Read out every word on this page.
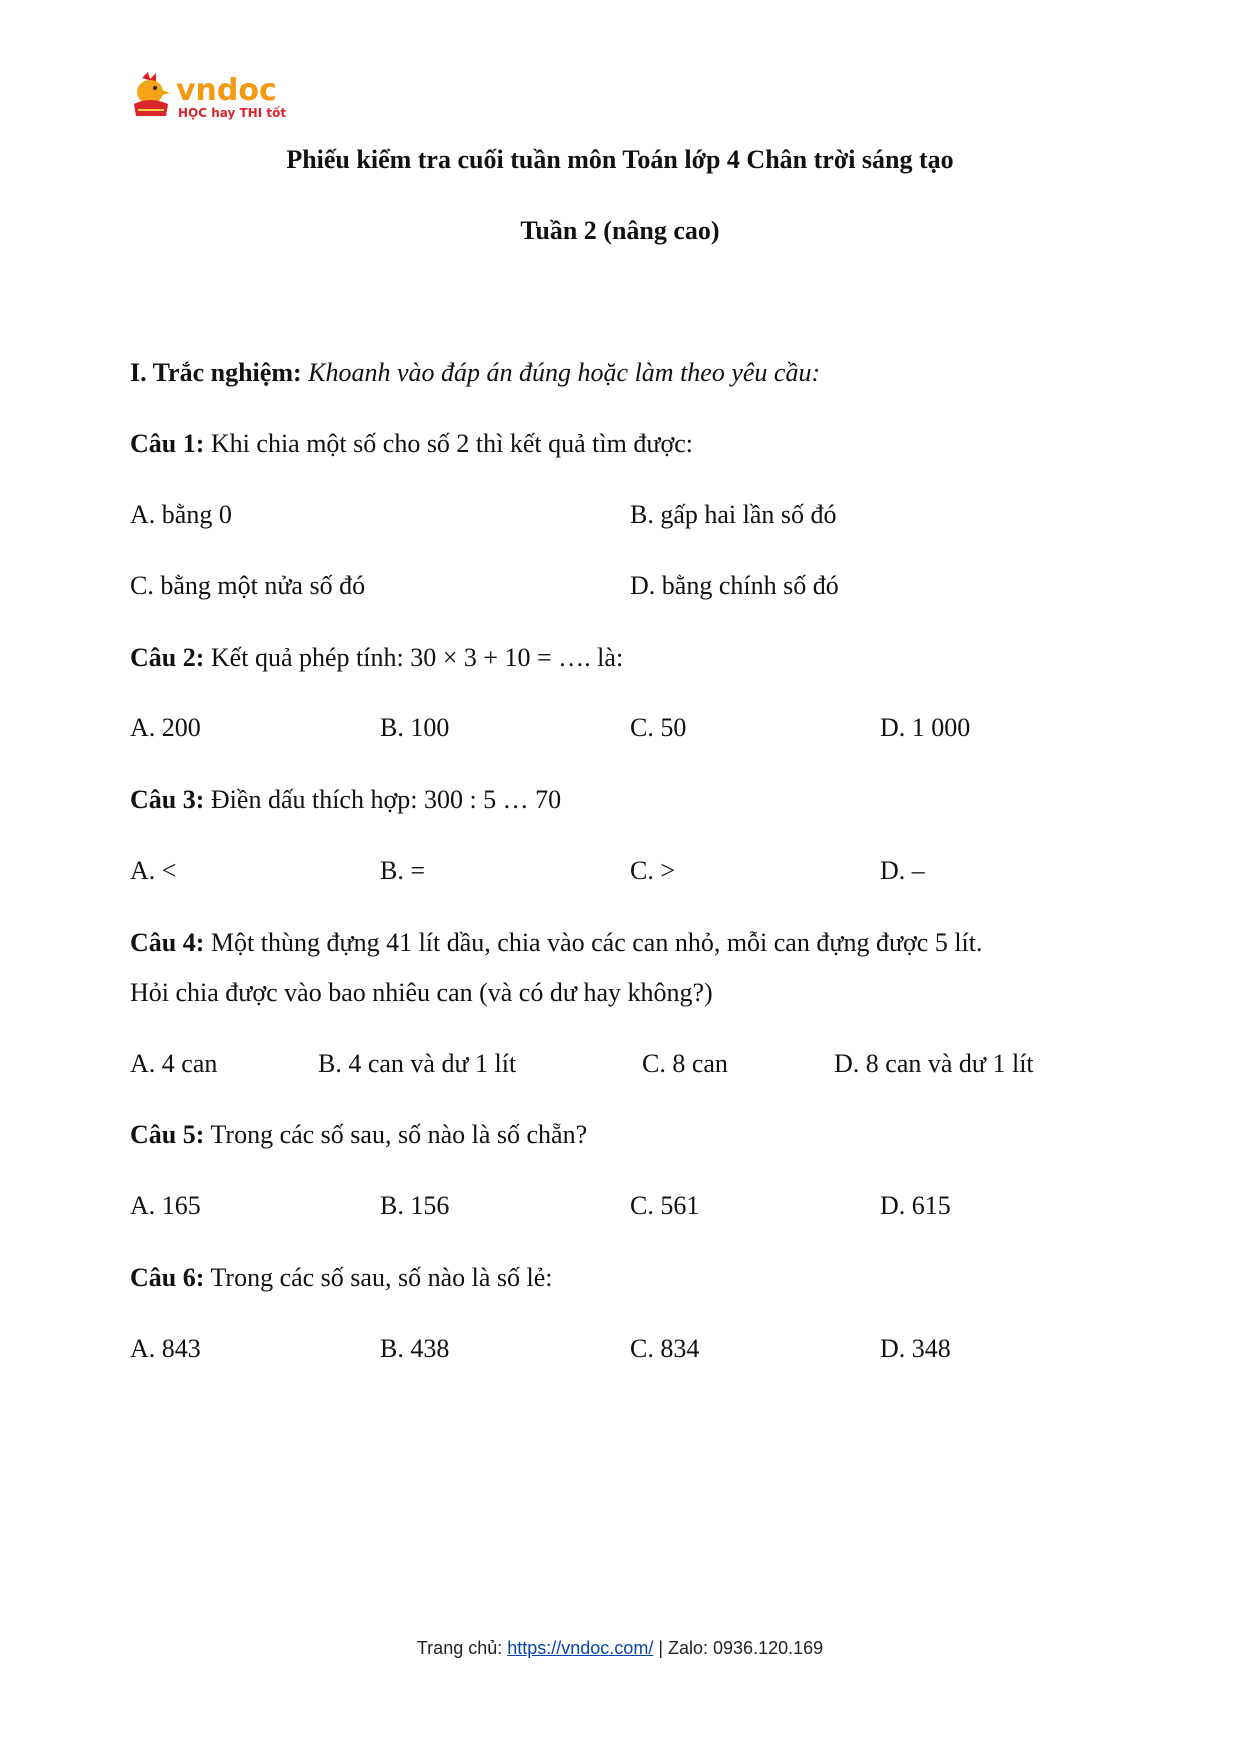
vndoc
HỌC hay THI tốt
Phiếu kiểm tra cuối tuần môn Toán lớp 4 Chân trời sáng tạo
Tuần 2 (nâng cao)
I. Trắc nghiệm: Khoanh vào đáp án đúng hoặc làm theo yêu cầu:
Câu 1: Khi chia một số cho số 2 thì kết quả tìm được:
A. bằng 0	B. gấp hai lần số đó
C. bằng một nửa số đó	D. bằng chính số đó
Câu 2: Kết quả phép tính: 30 × 3 + 10 = …. là:
A. 200	B. 100	C. 50	D. 1 000
Câu 3: Điền dấu thích hợp: 300 : 5 … 70
A. <	B. =	C. >	D. –
Câu 4: Một thùng đựng 41 lít dầu, chia vào các can nhỏ, mỗi can đựng được 5 lít.
Hỏi chia được vào bao nhiêu can (và có dư hay không?)
A. 4 can	B. 4 can và dư 1 lít	C. 8 can	D. 8 can và dư 1 lít
Câu 5: Trong các số sau, số nào là số chẵn?
A. 165	B. 156	C. 561	D. 615
Câu 6: Trong các số sau, số nào là số lẻ:
A. 843	B. 438	C. 834	D. 348
Trang chủ: https://vndoc.com/ | Zalo: 0936.120.169
